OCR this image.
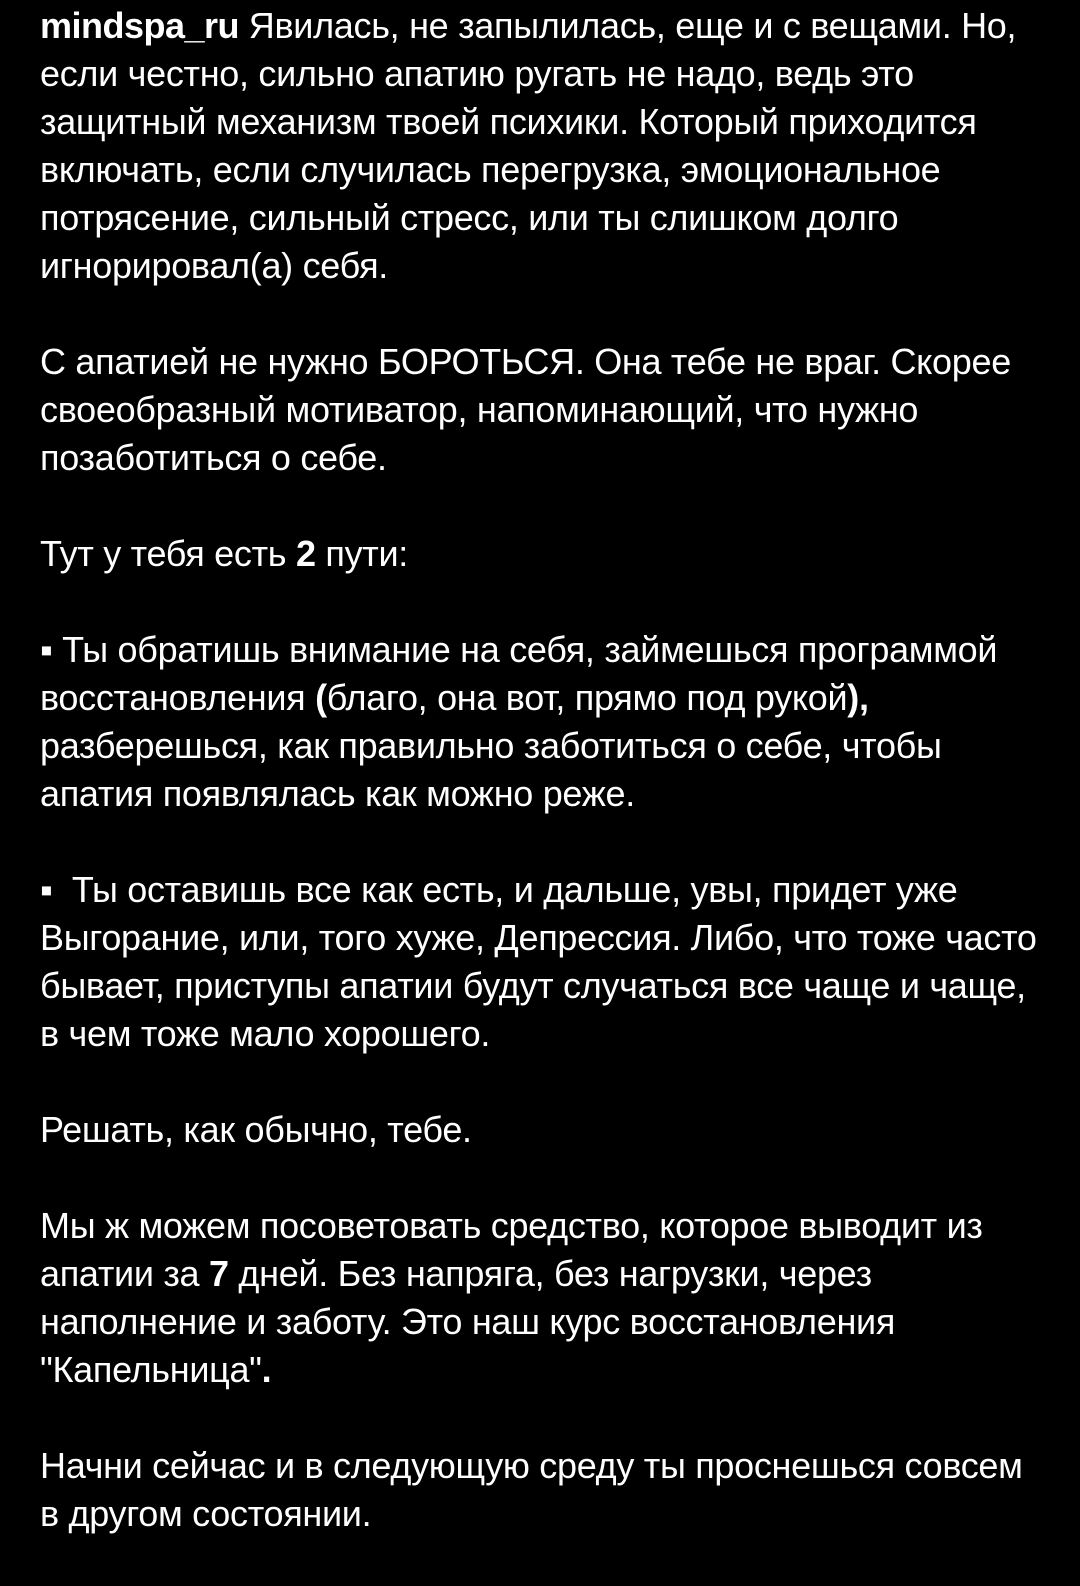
mindspa_ru Явилась, не запылилась, еще и с вещами. Но, если честно, сильно апатию ругать не надо, ведь это защитный механизм твоей психики. Который приходится включать, если случилась перегрузка, эмоциональное потрясение, сильный стресс, или ты слишком долго игнорировал(а) себя.

С апатией не нужно БОРОТЬСЯ. Она тебе не враг. Скорее своеобразный мотиватор, напоминающий, что нужно позаботиться о себе.

Тут у тебя есть 2 пути:

▪ Ты обратишь внимание на себя, займешься программой восстановления (благо, она вот, прямо под рукой), разберешься, как правильно заботиться о себе, чтобы апатия появлялась как можно реже.

▪ Ты оставишь все как есть, и дальше, увы, придет уже Выгорание, или, того хуже, Депрессия. Либо, что тоже часто бывает, приступы апатии будут случаться все чаще и чаще, в чем тоже мало хорошего.

Решать, как обычно, тебе.

Мы ж можем посоветовать средство, которое выводит из апатии за 7 дней. Без напряга, без нагрузки, через наполнение и заботу. Это наш курс восстановления "Капельница".

Начни сейчас и в следующую среду ты проснешься совсем в другом состоянии.
